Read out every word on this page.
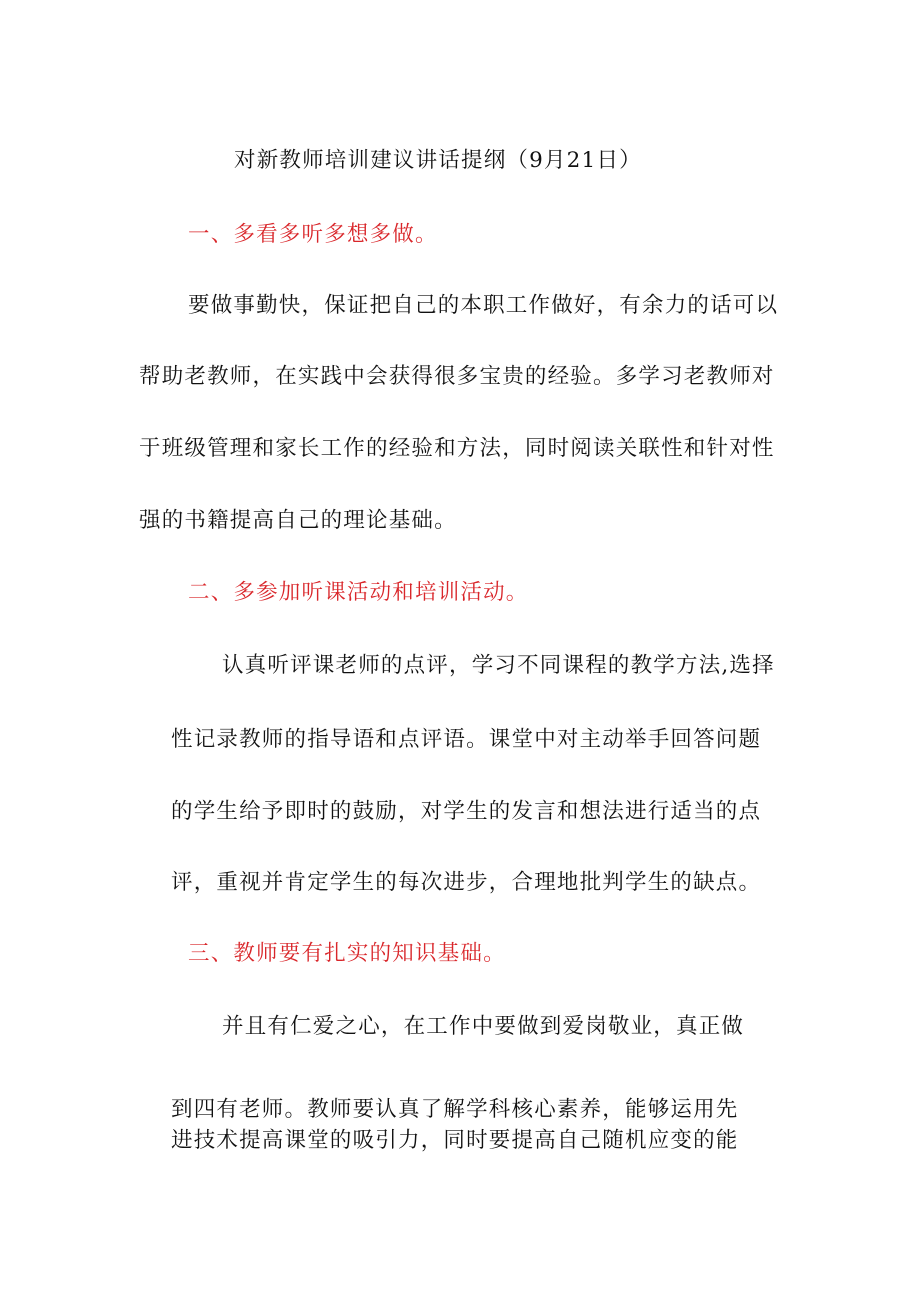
对新教师培训建议讲话提纲（9月21日）

一、多看多听多想多做。

要做事勤快，保证把自己的本职工作做好，有余力的话可以

帮助老教师，在实践中会获得很多宝贵的经验。多学习老教师对

于班级管理和家长工作的经验和方法，同时阅读关联性和针对性

强的书籍提高自己的理论基础。

二、多参加听课活动和培训活动。

认真听评课老师的点评，学习不同课程的教学方法,选择

性记录教师的指导语和点评语。课堂中对主动举手回答问题

的学生给予即时的鼓励，对学生的发言和想法进行适当的点

评，重视并肯定学生的每次进步，合理地批判学生的缺点。

三、教师要有扎实的知识基础。

并且有仁爱之心，在工作中要做到爱岗敬业，真正做

到四有老师。教师要认真了解学科核心素养，能够运用先

进技术提高课堂的吸引力，同时要提高自己随机应变的能
